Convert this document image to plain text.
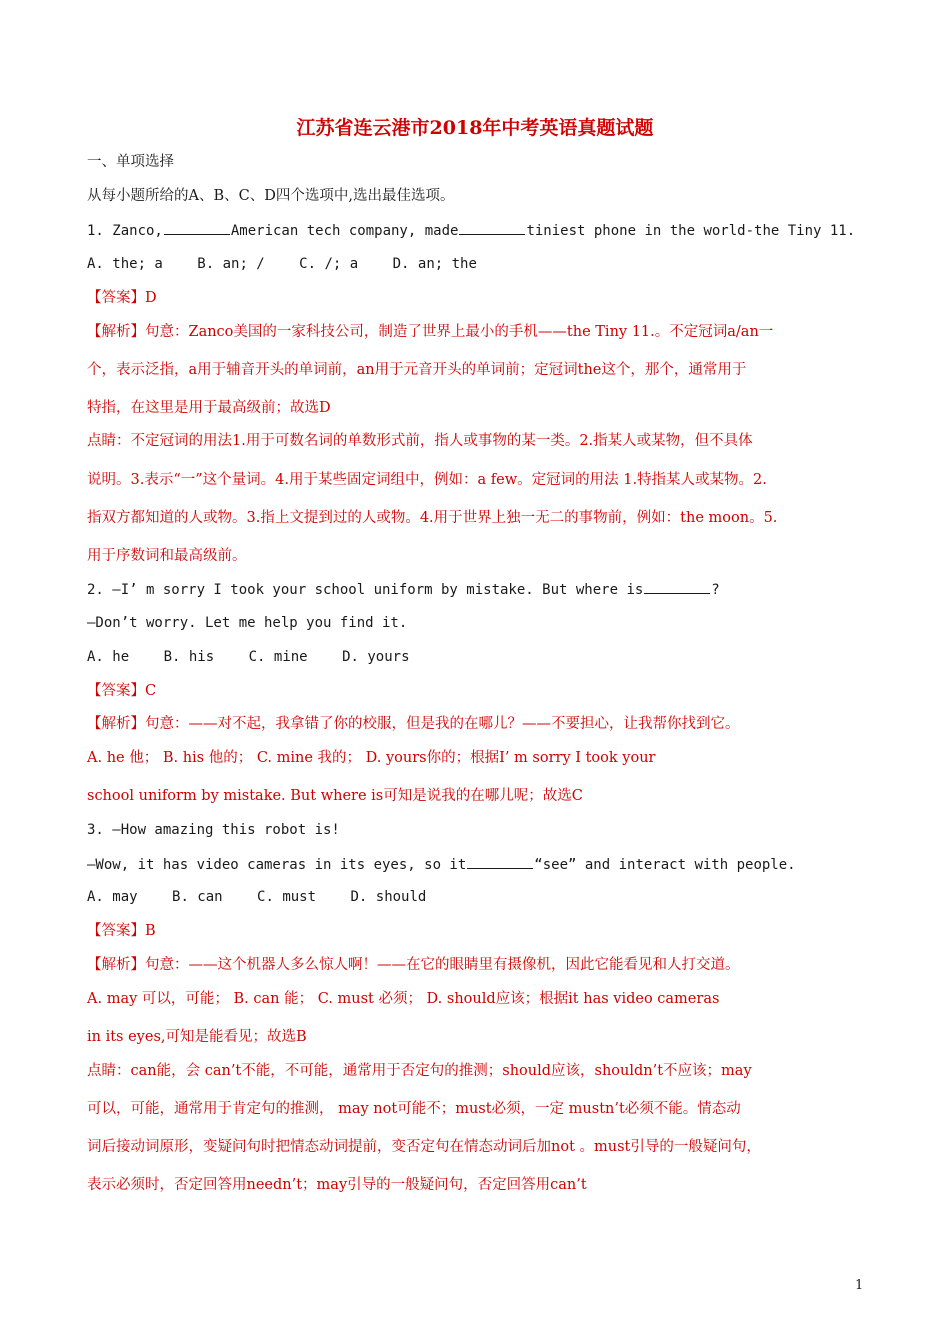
江苏省连云港市2018年中考英语真题试题
一、单项选择
从每小题所给的A、B、C、D四个选项中,选出最佳选项。
1. Zanco,	American tech company, made	tiniest phone in the world-the Tiny 11.
A. the; a B. an; / C. /; a D. an; the
【答案】D
【解析】句意：Zanco美国的一家科技公司，制造了世界上最小的手机——the Tiny 11.。不定冠词a/an一
个，表示泛指，a用于辅音开头的单词前，an用于元音开头的单词前；定冠词the这个，那个，通常用于
特指，在这里是用于最高级前；故选D
点睛：不定冠词的用法1.用于可数名词的单数形式前，指人或事物的某一类。2.指某人或某物，但不具体
说明。3.表示“一”这个量词。4.用于某些固定词组中，例如：a few。定冠词的用法 1.特指某人或某物。2.
指双方都知道的人或物。3.指上文提到过的人或物。4.用于世界上独一无二的事物前，例如：the moon。5.
用于序数词和最高级前。
2. —I’ m sorry I took your school uniform by mistake. But where is	?
—Don’t worry. Let me help you find it.
A. he B. his C. mine D. yours
【答案】C
【解析】句意：——对不起，我拿错了你的校服，但是我的在哪儿？——不要担心，让我帮你找到它。
A. he 他； B. his 他的； C. mine 我的； D. yours你的；根据I’ m sorry I took your
school uniform by mistake. But where is可知是说我的在哪儿呢；故选C
3. —How amazing this robot is!
—Wow, it has video cameras in its eyes, so it	“see” and interact with people.
A. may B. can C. must D. should
【答案】B
【解析】句意：——这个机器人多么惊人啊！——在它的眼睛里有摄像机，因此它能看见和人打交道。
A. may 可以，可能； B. can 能； C. must 必须； D. should应该；根据it has video cameras
in its eyes,可知是能看见；故选B
点睛：can能，会 can’t不能，不可能，通常用于否定句的推测；should应该，shouldn’t不应该；may
可以，可能，通常用于肯定句的推测， may not可能不；must必须，一定 mustn’t必须不能。情态动
词后接动词原形，变疑问句时把情态动词提前，变否定句在情态动词后加not 。must引导的一般疑问句，
表示必须时，否定回答用needn’t；may引导的一般疑问句，否定回答用can’t
1
